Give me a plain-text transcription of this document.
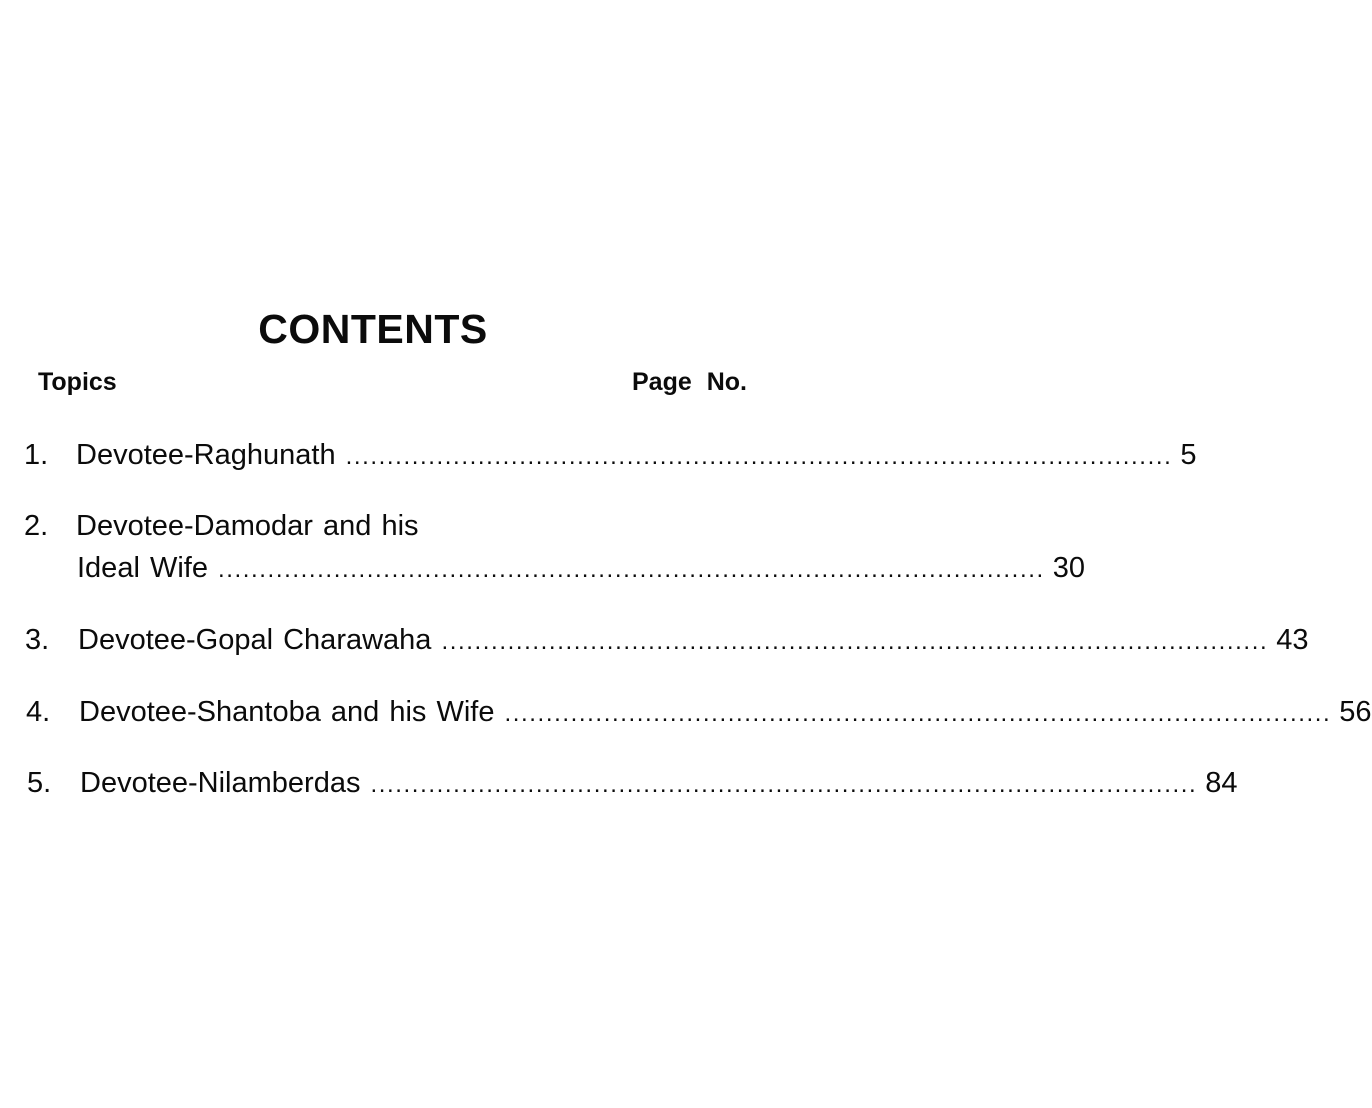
CONTENTS
Topics	Page No.
1. Devotee-Raghunath .................................................................................................... 5
2. Devotee-Damodar and his
Ideal Wife .................................................................................................... 30
3. Devotee-Gopal Charawaha .................................................................................................... 43
4. Devotee-Shantoba and his Wife .................................................................................................... 56
5. Devotee-Nilamberdas .................................................................................................... 84
